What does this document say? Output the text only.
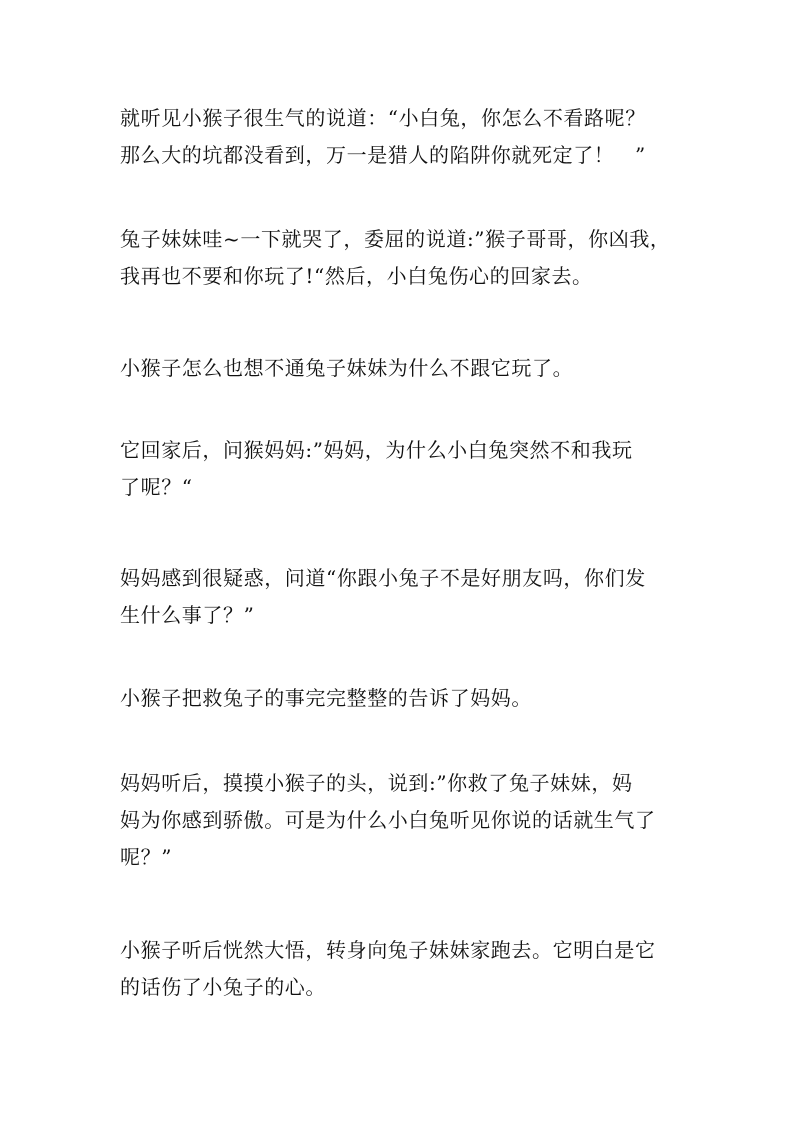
就听见小猴子很生气的说道：“小白兔，你怎么不看路呢？
那么大的坑都没看到，万一是猎人的陷阱你就死定了！　”

兔子妹妹哇~一下就哭了，委屈的说道:”猴子哥哥，你凶我，
我再也不要和你玩了!“然后，小白兔伤心的回家去。

小猴子怎么也想不通兔子妹妹为什么不跟它玩了。

它回家后，问猴妈妈:”妈妈，为什么小白兔突然不和我玩
了呢？“

妈妈感到很疑惑，问道“你跟小兔子不是好朋友吗，你们发
生什么事了？”

小猴子把救兔子的事完完整整的告诉了妈妈。

妈妈听后，摸摸小猴子的头，说到:”你救了兔子妹妹，妈
妈为你感到骄傲。可是为什么小白兔听见你说的话就生气了
呢？”

小猴子听后恍然大悟，转身向兔子妹妹家跑去。它明白是它
的话伤了小兔子的心。
